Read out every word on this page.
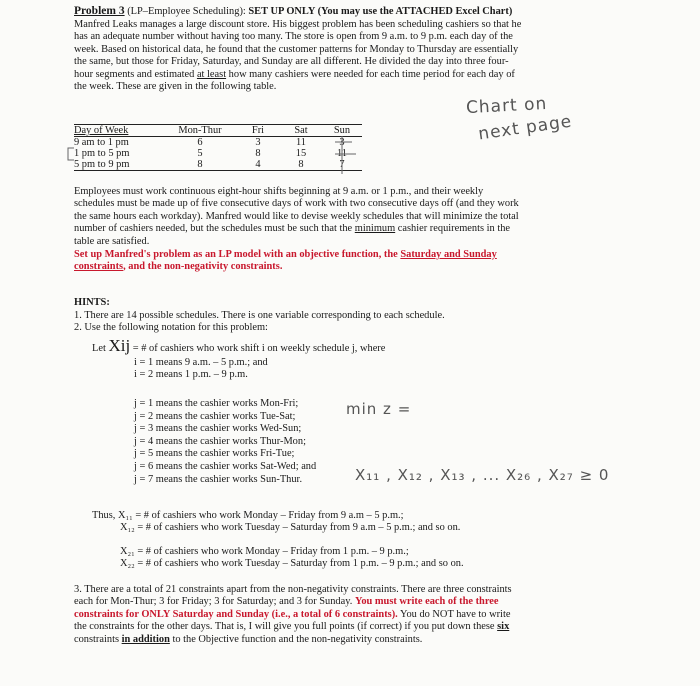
Problem 3 (LP–Employee Scheduling): SET UP ONLY (You may use the ATTACHED Excel Chart)
Manfred Leaks manages a large discount store. His biggest problem has been scheduling cashiers so that he
has an adequate number without having too many. The store is open from 9 a.m. to 9 p.m. each day of the
week. Based on historical data, he found that the customer patterns for Monday to Thursday are essentially
the same, but those for Friday, Saturday, and Sunday are all different. He divided the day into three four-
hour segments and estimated at least how many cashiers were needed for each time period for each day of
the week. These are given in the following table.
Chart on
next page
Day of Week	Mon-Thur	Fri	Sat	Sun
9 am to 1 pm	6	3	11	3
1 pm to 5 pm	5	8	15	11
5 pm to 9 pm	8	4	8	7
Employees must work continuous eight-hour shifts beginning at 9 a.m. or 1 p.m., and their weekly
schedules must be made up of five consecutive days of work with two consecutive days off (and they work
the same hours each workday). Manfred would like to devise weekly schedules that will minimize the total
number of cashiers needed, but the schedules must be such that the minimum cashier requirements in the
table are satisfied.
Set up Manfred's problem as an LP model with an objective function, the Saturday and Sunday
constraints, and the non-negativity constraints.
HINTS:
1. There are 14 possible schedules. There is one variable corresponding to each schedule.
2. Use the following notation for this problem:
Let Xij = # of cashiers who work shift i on weekly schedule j, where
i = 1 means 9 a.m. – 5 p.m.; and
i = 2 means 1 p.m. – 9 p.m.
j = 1 means the cashier works Mon-Fri;
j = 2 means the cashier works Tue-Sat;
j = 3 means the cashier works Wed-Sun;
j = 4 means the cashier works Thur-Mon;
j = 5 means the cashier works Fri-Tue;
j = 6 means the cashier works Sat-Wed; and
j = 7 means the cashier works Sun-Thur.
min z =
X₁₁ , X₁₂ , X₁₃ , ... X₂₆ , X₂₇ ≥ 0
Thus, X₁₁ = # of cashiers who work Monday – Friday from 9 a.m – 5 p.m.;
X₁₂ = # of cashiers who work Tuesday – Saturday from 9 a.m – 5 p.m.; and so on.
X₂₁ = # of cashiers who work Monday – Friday from 1 p.m. – 9 p.m.;
X₂₂ = # of cashiers who work Tuesday – Saturday from 1 p.m. – 9 p.m.; and so on.
3. There are a total of 21 constraints apart from the non-negativity constraints. There are three constraints
each for Mon-Thur; 3 for Friday; 3 for Saturday; and 3 for Sunday. You must write each of the three
constraints for ONLY Saturday and Sunday (i.e., a total of 6 constraints). You do NOT have to write
the constraints for the other days. That is, I will give you full points (if correct) if you put down these six
constraints in addition to the Objective function and the non-negativity constraints.
